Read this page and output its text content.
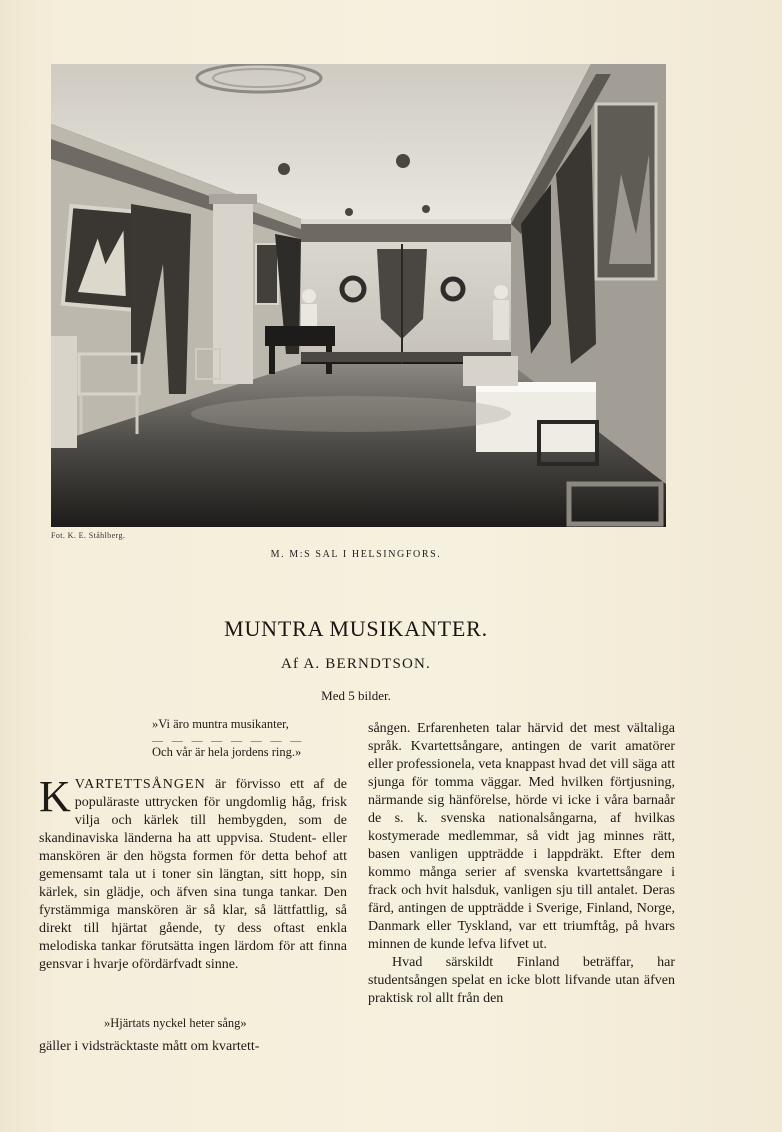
Fot. K. E. Ståhlberg.
M. M:S SAL I HELSINGFORS.
MUNTRA MUSIKANTER.
Af A. BERNDTSON.
Med 5 bilder.
»Vi äro muntra musikanter,
— — — — — — — —
Och vår är hela jordens ring.»

KVARTETTSÅNGEN är förvisso ett af de populäraste uttrycken för ungdomlig håg, frisk vilja och kärlek till hembygden, som de skandinaviska länderna ha att uppvisa. Student- eller manskören är den högsta formen för detta behof att gemensamt tala ut i toner sin längtan, sitt hopp, sin kärlek, sin glädje, och äfven sina tunga tankar. Den fyrstämmiga manskören är så klar, så lättfattlig, så direkt till hjärtat gående, ty dess oftast enkla melodiska tankar förutsätta ingen lärdom för att finna gensvar i hvarje ofördärfvadt sinne.

»Hjärtats nyckel heter sång»

gäller i vidsträcktaste mått om kvartett-

sången. Erfarenheten talar härvid det mest vältaliga språk. Kvartettsångare, antingen de varit amatörer eller professionela, veta knappast hvad det vill säga att sjunga för tomma väggar. Med hvilken förtjusning, närmande sig hänförelse, hörde vi icke i våra barnaår de s. k. svenska nationalsångarna, af hvilkas kostymerade medlemmar, så vidt jag minnes rätt, basen vanligen uppträdde i lappdräkt. Efter dem kommo många serier af svenska kvartettsångare i frack och hvit halsduk, vanligen sju till antalet. Deras färd, antingen de uppträdde i Sverige, Finland, Norge, Danmark eller Tyskland, var ett triumftåg, på hvars minnen de kunde lefva lifvet ut.

Hvad särskildt Finland beträffar, har studentsången spelat en icke blott lifvande utan äfven praktisk rol allt från den
